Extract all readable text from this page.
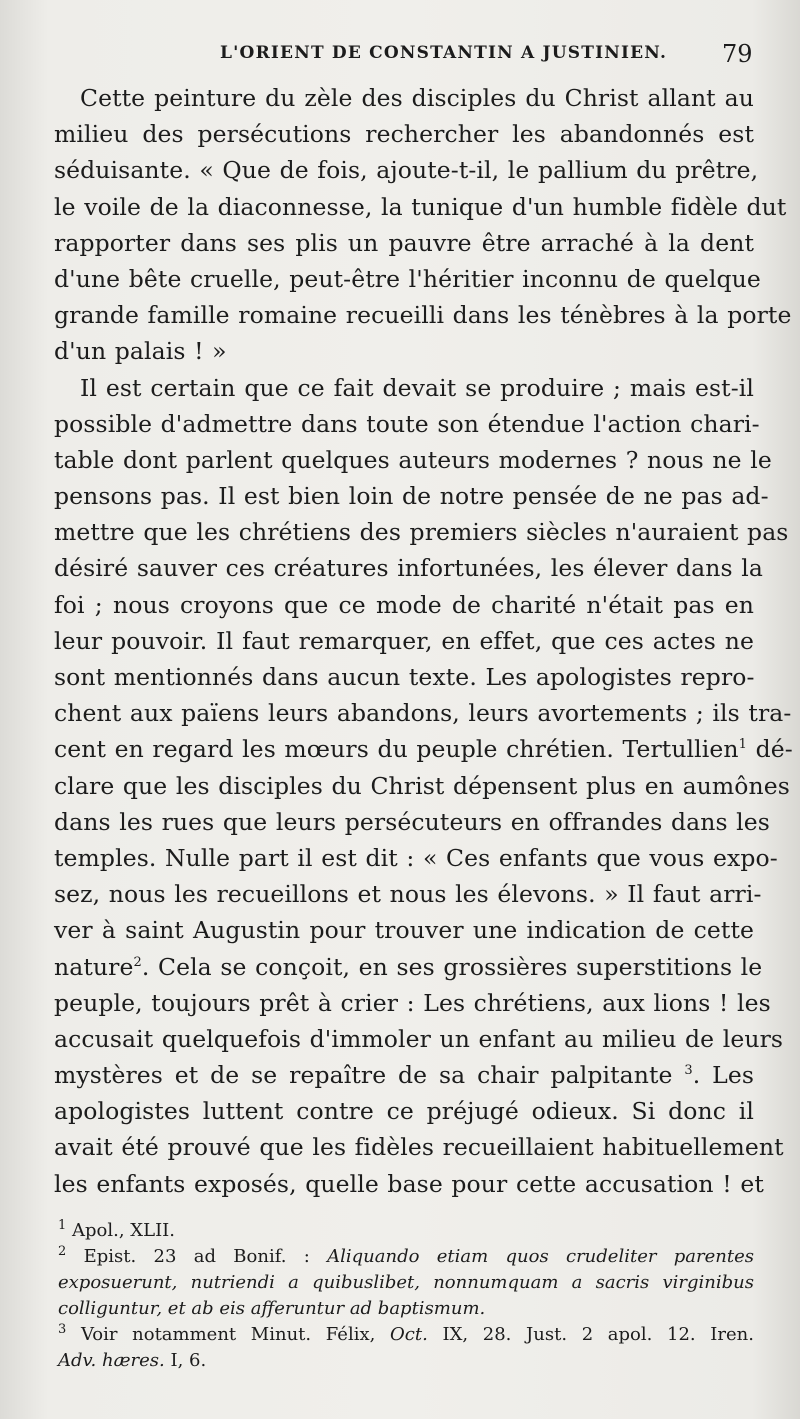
L'ORIENT DE CONSTANTIN A JUSTINIEN. 79
Cette peinture du zèle des disciples du Christ allant au
milieu des persécutions rechercher les abandonnés est
séduisante. « Que de fois, ajoute-t-il, le pallium du prêtre,
le voile de la diaconnesse, la tunique d'un humble fidèle dut
rapporter dans ses plis un pauvre être arraché à la dent
d'une bête cruelle, peut-être l'héritier inconnu de quelque
grande famille romaine recueilli dans les ténèbres à la porte
d'un palais ! »
Il est certain que ce fait devait se produire ; mais est-il
possible d'admettre dans toute son étendue l'action chari-
table dont parlent quelques auteurs modernes ? nous ne le
pensons pas. Il est bien loin de notre pensée de ne pas ad-
mettre que les chrétiens des premiers siècles n'auraient pas
désiré sauver ces créatures infortunées, les élever dans la
foi ; nous croyons que ce mode de charité n'était pas en
leur pouvoir. Il faut remarquer, en effet, que ces actes ne
sont mentionnés dans aucun texte. Les apologistes repro-
chent aux païens leurs abandons, leurs avortements ; ils tra-
cent en regard les mœurs du peuple chrétien. Tertullien$^1$ dé-
clare que les disciples du Christ dépensent plus en aumônes
dans les rues que leurs persécuteurs en offrandes dans les
temples. Nulle part il est dit : « Ces enfants que vous expo-
sez, nous les recueillons et nous les élevons. » Il faut arri-
ver à saint Augustin pour trouver une indication de cette
nature$^2$. Cela se conçoit, en ses grossières superstitions le
peuple, toujours prêt à crier : Les chrétiens, aux lions ! les
accusait quelquefois d'immoler un enfant au milieu de leurs
mystères et de se repaître de sa chair palpitante $^3$. Les
apologistes luttent contre ce préjugé odieux. Si donc il
avait été prouvé que les fidèles recueillaient habituellement
les enfants exposés, quelle base pour cette accusation ! et
$^1$ Apol., XLII.
$^2$ Epist. 23 ad Bonif. : Aliquando etiam quos crudeliter parentes
exposuerunt, nutriendi a quibuslibet, nonnumquam a sacris virginibus
colliguntur, et ab eis afferuntur ad baptismum.
$^3$ Voir notamment Minut. Félix, Oct. IX, 28. Just. 2 apol. 12. Iren.
Adv. hæres. I, 6.
